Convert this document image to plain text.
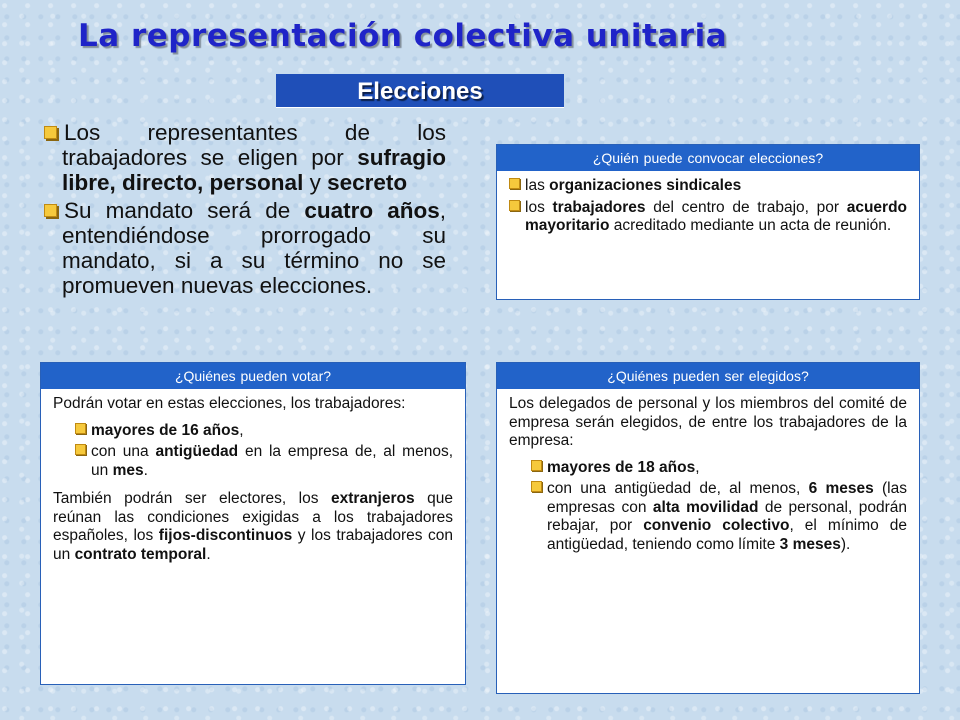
La representación colectiva unitaria
Elecciones
Los representantes de los trabajadores se eligen por sufragio libre, directo, personal y secreto
Su mandato será de cuatro años, entendiéndose prorrogado su mandato, si a su término no se promueven nuevas elecciones.
¿Quién puede convocar elecciones?
las organizaciones sindicales
los trabajadores del centro de trabajo, por acuerdo mayoritario acreditado mediante un acta de reunión.
¿Quiénes pueden votar?

Podrán votar en estas elecciones, los trabajadores:

mayores de 16 años,
con una antigüedad en la empresa de, al menos, un mes.

También podrán ser electores, los extranjeros que reúnan las condiciones exigidas a los trabajadores españoles, los fijos-discontinuos y los trabajadores con un contrato temporal.

¿Quiénes pueden ser elegidos?

Los delegados de personal y los miembros del comité de empresa serán elegidos, de entre los trabajadores de la empresa:

mayores de 18 años,
con una antigüedad de, al menos, 6 meses (las empresas con alta movilidad de personal, podrán rebajar, por convenio colectivo, el mínimo de antigüedad, teniendo como límite 3 meses).
